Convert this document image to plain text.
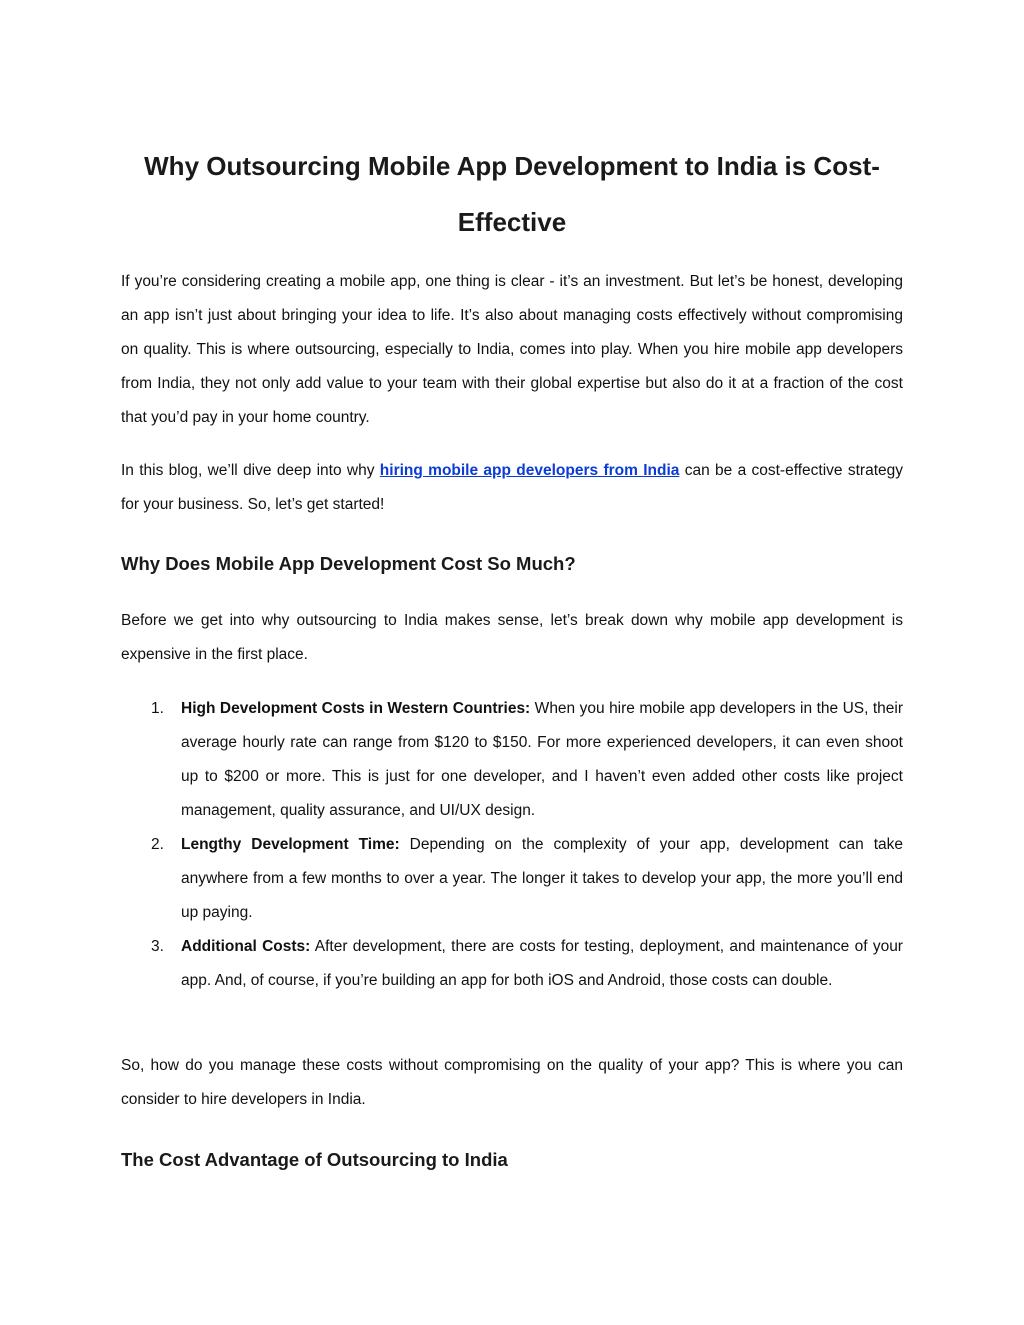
Why Outsourcing Mobile App Development to India is Cost-Effective

If you’re considering creating a mobile app, one thing is clear - it’s an investment. But let’s be honest, developing an app isn’t just about bringing your idea to life. It’s also about managing costs effectively without compromising on quality. This is where outsourcing, especially to India, comes into play. When you hire mobile app developers from India, they not only add value to your team with their global expertise but also do it at a fraction of the cost that you’d pay in your home country.

In this blog, we’ll dive deep into why hiring mobile app developers from India can be a cost-effective strategy for your business. So, let’s get started!

Why Does Mobile App Development Cost So Much?

Before we get into why outsourcing to India makes sense, let’s break down why mobile app development is expensive in the first place.

1. High Development Costs in Western Countries: When you hire mobile app developers in the US, their average hourly rate can range from $120 to $150. For more experienced developers, it can even shoot up to $200 or more. This is just for one developer, and I haven’t even added other costs like project management, quality assurance, and UI/UX design.
2. Lengthy Development Time: Depending on the complexity of your app, development can take anywhere from a few months to over a year. The longer it takes to develop your app, the more you’ll end up paying.
3. Additional Costs: After development, there are costs for testing, deployment, and maintenance of your app. And, of course, if you’re building an app for both iOS and Android, those costs can double.

So, how do you manage these costs without compromising on the quality of your app? This is where you can consider to hire developers in India.

The Cost Advantage of Outsourcing to India
